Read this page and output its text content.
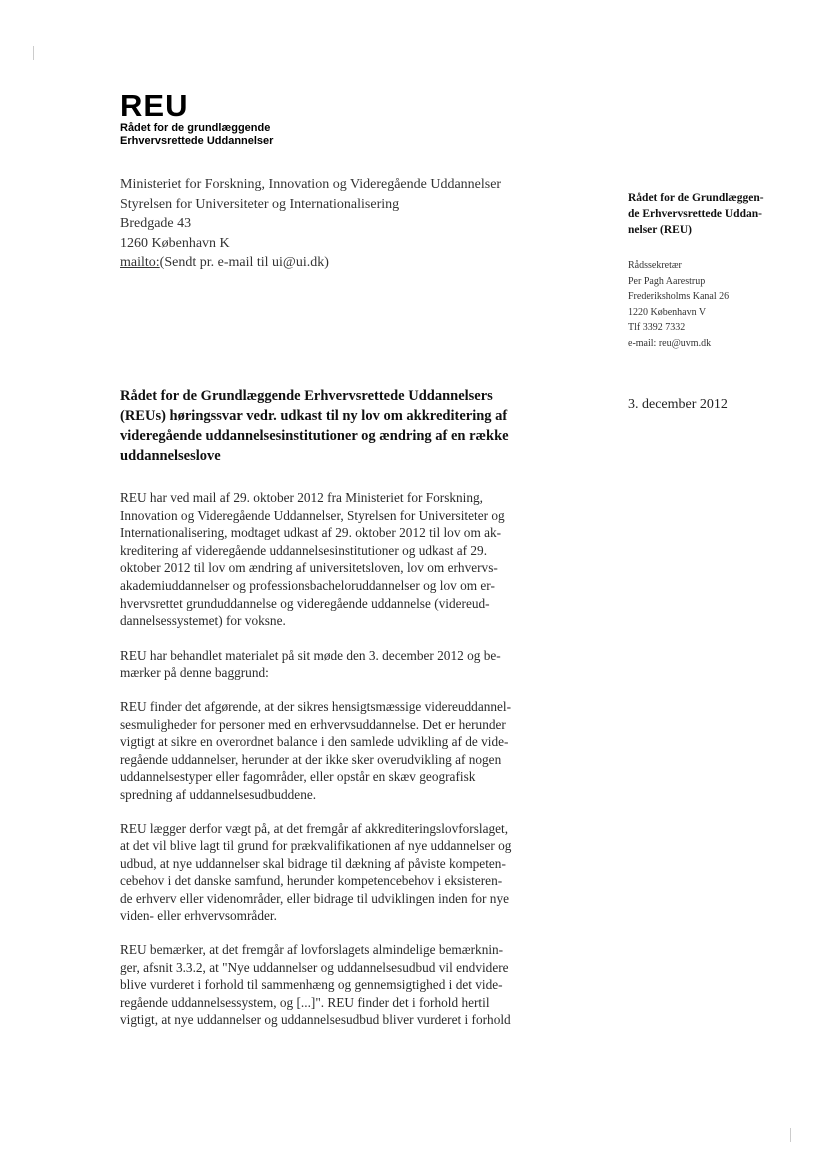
REU
Rådet for de grundlæggende
Erhvervsrettede Uddannelser
Ministeriet for Forskning, Innovation og Videregående Uddannelser
Styrelsen for Universiteter og Internationalisering
Bredgade 43
1260 København K
mailto:(Sendt pr. e-mail til ui@ui.dk)
Rådet for de Grundlæggen-
de Erhvervsrettede Uddan-
nelser (REU)
Rådssekretær
Per Pagh Aarestrup
Frederiksholms Kanal 26
1220 København V
Tlf 3392 7332
e-mail: reu@uvm.dk
3. december 2012
Rådet for de Grundlæggende Erhvervsrettede Uddannelsers
(REUs) høringssvar vedr. udkast til ny lov om akkreditering af
videregående uddannelsesinstitutioner og ændring af en række
uddannelseslove
REU har ved mail af 29. oktober 2012 fra Ministeriet for Forskning,
Innovation og Videregående Uddannelser, Styrelsen for Universiteter og
Internationalisering, modtaget udkast af 29. oktober 2012 til lov om ak-
kreditering af videregående uddannelsesinstitutioner og udkast af 29.
oktober 2012 til lov om ændring af universitetsloven, lov om erhvervs-
akademiuddannelser og professionsbacheloruddannelser og lov om er-
hvervsrettet grunduddannelse og videregående uddannelse (videreud-
dannelsessystemet) for voksne.
REU har behandlet materialet på sit møde den 3. december 2012 og be-
mærker på denne baggrund:
REU finder det afgørende, at der sikres hensigtsmæssige videreuddannel-
sesmuligheder for personer med en erhvervsuddannelse. Det er herunder
vigtigt at sikre en overordnet balance i den samlede udvikling af de vide-
regående uddannelser, herunder at der ikke sker overudvikling af nogen
uddannelsestyper eller fagområder, eller opstår en skæv geografisk
spredning af uddannelsesudbuddene.
REU lægger derfor vægt på, at det fremgår af akkrediteringslovforslaget,
at det vil blive lagt til grund for prækvalifikationen af nye uddannelser og
udbud, at nye uddannelser skal bidrage til dækning af påviste kompeten-
cebehov i det danske samfund, herunder kompetencebehov i eksisteren-
de erhverv eller videnområder, eller bidrage til udviklingen inden for nye
viden- eller erhvervsområder.
REU bemærker, at det fremgår af lovforslagets almindelige bemærknin-
ger, afsnit 3.3.2, at "Nye uddannelser og uddannelsesudbud vil endvidere
blive vurderet i forhold til sammenhæng og gennemsigtighed i det vide-
regående uddannelsessystem, og [...]". REU finder det i forhold hertil
vigtigt, at nye uddannelser og uddannelsesudbud bliver vurderet i forhold
